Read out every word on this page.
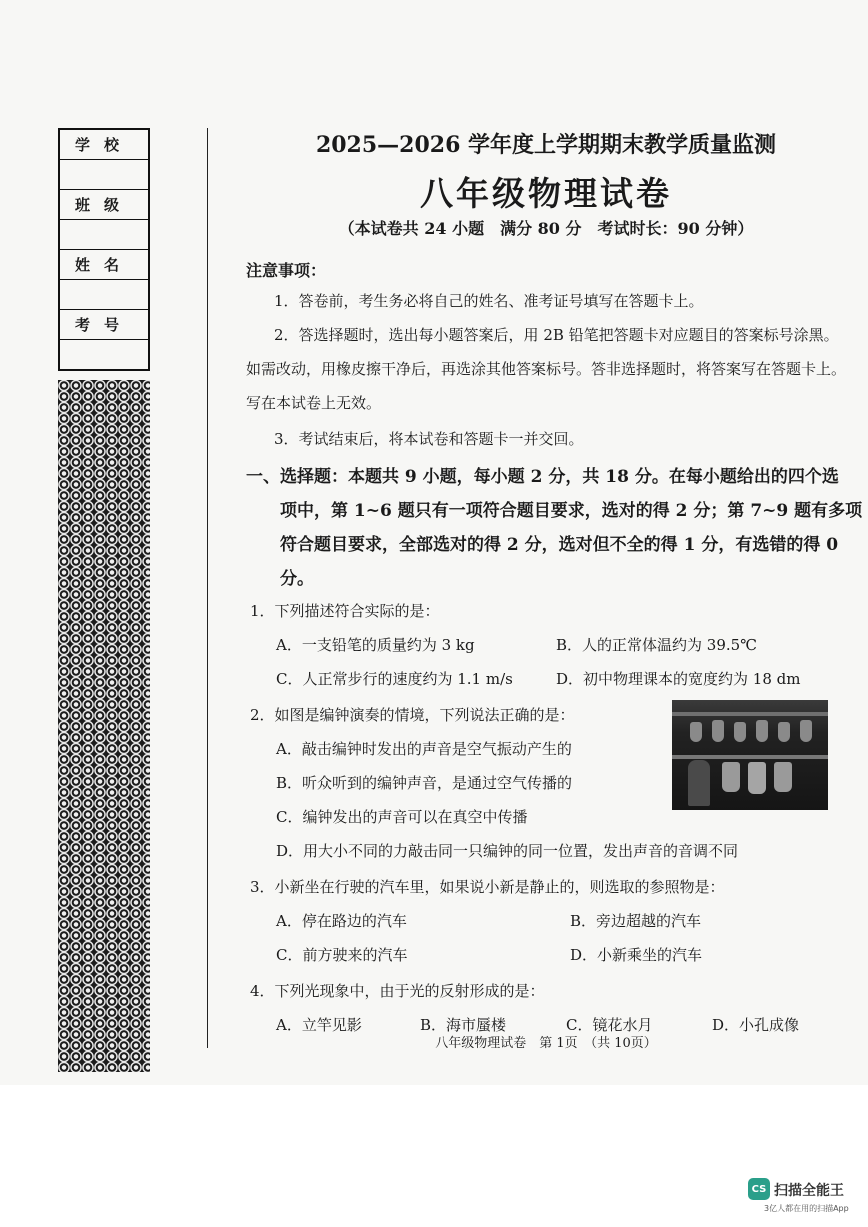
学校

班级

姓名

考号

2025—2026 学年度上学期期末教学质量监测
八年级物理试卷
（本试卷共 24 小题　满分 80 分　考试时长：90 分钟）
注意事项：
1．答卷前，考生务必将自己的姓名、准考证号填写在答题卡上。
2．答选择题时，选出每小题答案后，用 2B 铅笔把答题卡对应题目的答案标号涂黑。
如需改动，用橡皮擦干净后，再选涂其他答案标号。答非选择题时，将答案写在答题卡上。
写在本试卷上无效。
3．考试结束后，将本试卷和答题卡一并交回。
一、选择题：本题共 9 小题，每小题 2 分，共 18 分。在每小题给出的四个选
项中，第 1~6 题只有一项符合题目要求，选对的得 2 分；第 7~9 题有多项
符合题目要求，全部选对的得 2 分，选对但不全的得 1 分，有选错的得 0
分。
1．下列描述符合实际的是：
A．一支铅笔的质量约为 3 kg	B．人的正常体温约为 39.5℃
C．人正常步行的速度约为 1.1 m/s	D．初中物理课本的宽度约为 18 dm
2．如图是编钟演奏的情境，下列说法正确的是：
A．敲击编钟时发出的声音是空气振动产生的
B．听众听到的编钟声音，是通过空气传播的
C．编钟发出的声音可以在真空中传播
D．用大小不同的力敲击同一只编钟的同一位置，发出声音的音调不同
3．小新坐在行驶的汽车里，如果说小新是静止的，则选取的参照物是：
A．停在路边的汽车	B．旁边超越的汽车
C．前方驶来的汽车	D．小新乘坐的汽车
4．下列光现象中，由于光的反射形成的是：
A．立竿见影	B．海市蜃楼	C．镜花水月	D．小孔成像
八年级物理试卷　第 1页　（共 10页）
CS 扫描全能王
3亿人都在用的扫描App
